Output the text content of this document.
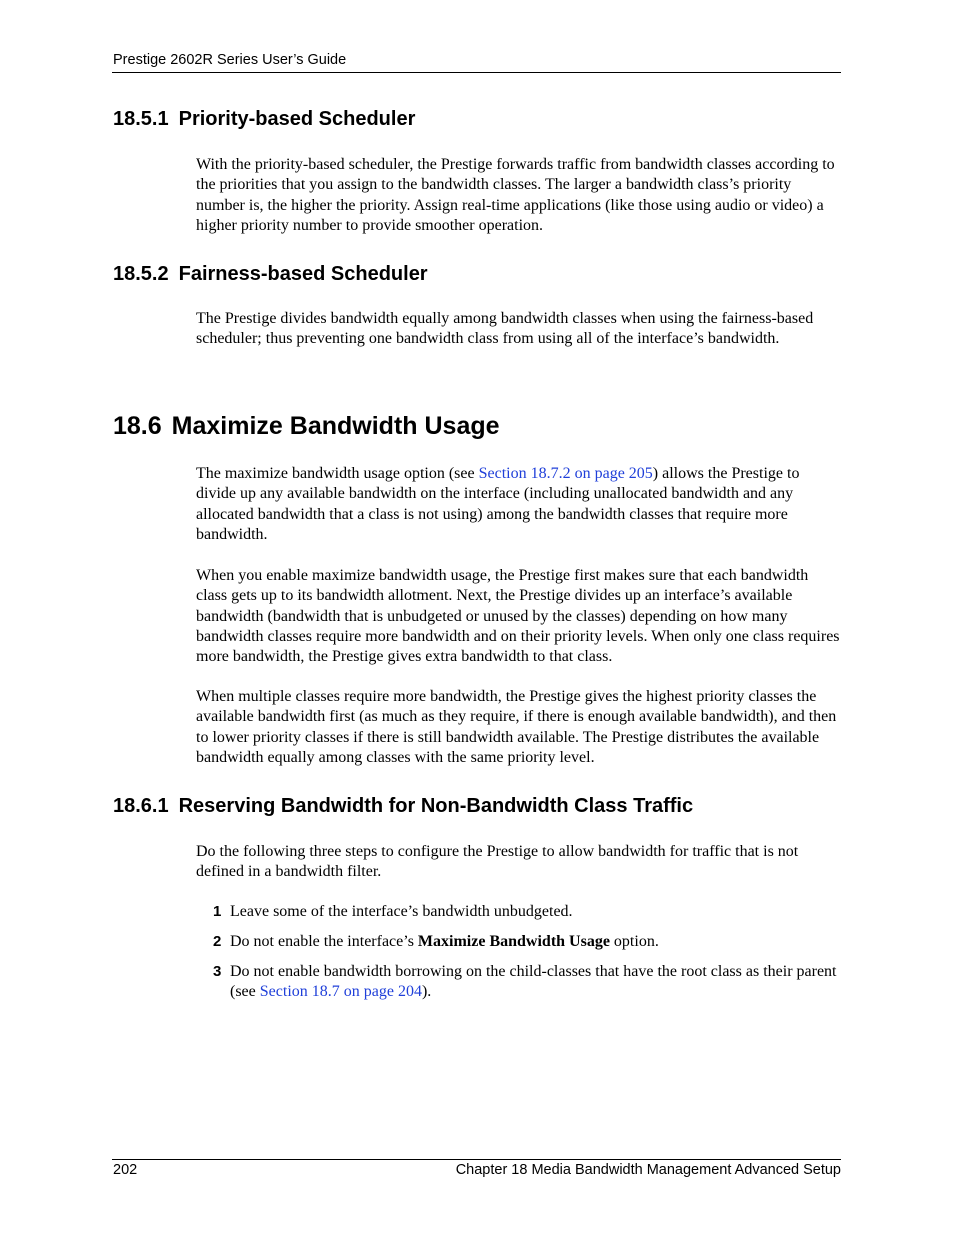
Prestige 2602R Series User’s Guide
18.5.1 Priority-based Scheduler

With the priority-based scheduler, the Prestige forwards traffic from bandwidth classes according to the priorities that you assign to the bandwidth classes. The larger a bandwidth class’s priority number is, the higher the priority. Assign real-time applications (like those using audio or video) a higher priority number to provide smoother operation.

18.5.2 Fairness-based Scheduler

The Prestige divides bandwidth equally among bandwidth classes when using the fairness-based scheduler; thus preventing one bandwidth class from using all of the interface’s bandwidth.

18.6 Maximize Bandwidth Usage

The maximize bandwidth usage option (see Section 18.7.2 on page 205) allows the Prestige to divide up any available bandwidth on the interface (including unallocated bandwidth and any allocated bandwidth that a class is not using) among the bandwidth classes that require more bandwidth.

When you enable maximize bandwidth usage, the Prestige first makes sure that each bandwidth class gets up to its bandwidth allotment. Next, the Prestige divides up an interface’s available bandwidth (bandwidth that is unbudgeted or unused by the classes) depending on how many bandwidth classes require more bandwidth and on their priority levels. When only one class requires more bandwidth, the Prestige gives extra bandwidth to that class.

When multiple classes require more bandwidth, the Prestige gives the highest priority classes the available bandwidth first (as much as they require, if there is enough available bandwidth), and then to lower priority classes if there is still bandwidth available. The Prestige distributes the available bandwidth equally among classes with the same priority level.

18.6.1 Reserving Bandwidth for Non-Bandwidth Class Traffic

Do the following three steps to configure the Prestige to allow bandwidth for traffic that is not defined in a bandwidth filter.

1 Leave some of the interface’s bandwidth unbudgeted.
2 Do not enable the interface’s Maximize Bandwidth Usage option.
3 Do not enable bandwidth borrowing on the child-classes that have the root class as their parent (see Section 18.7 on page 204).
202	Chapter 18 Media Bandwidth Management Advanced Setup
